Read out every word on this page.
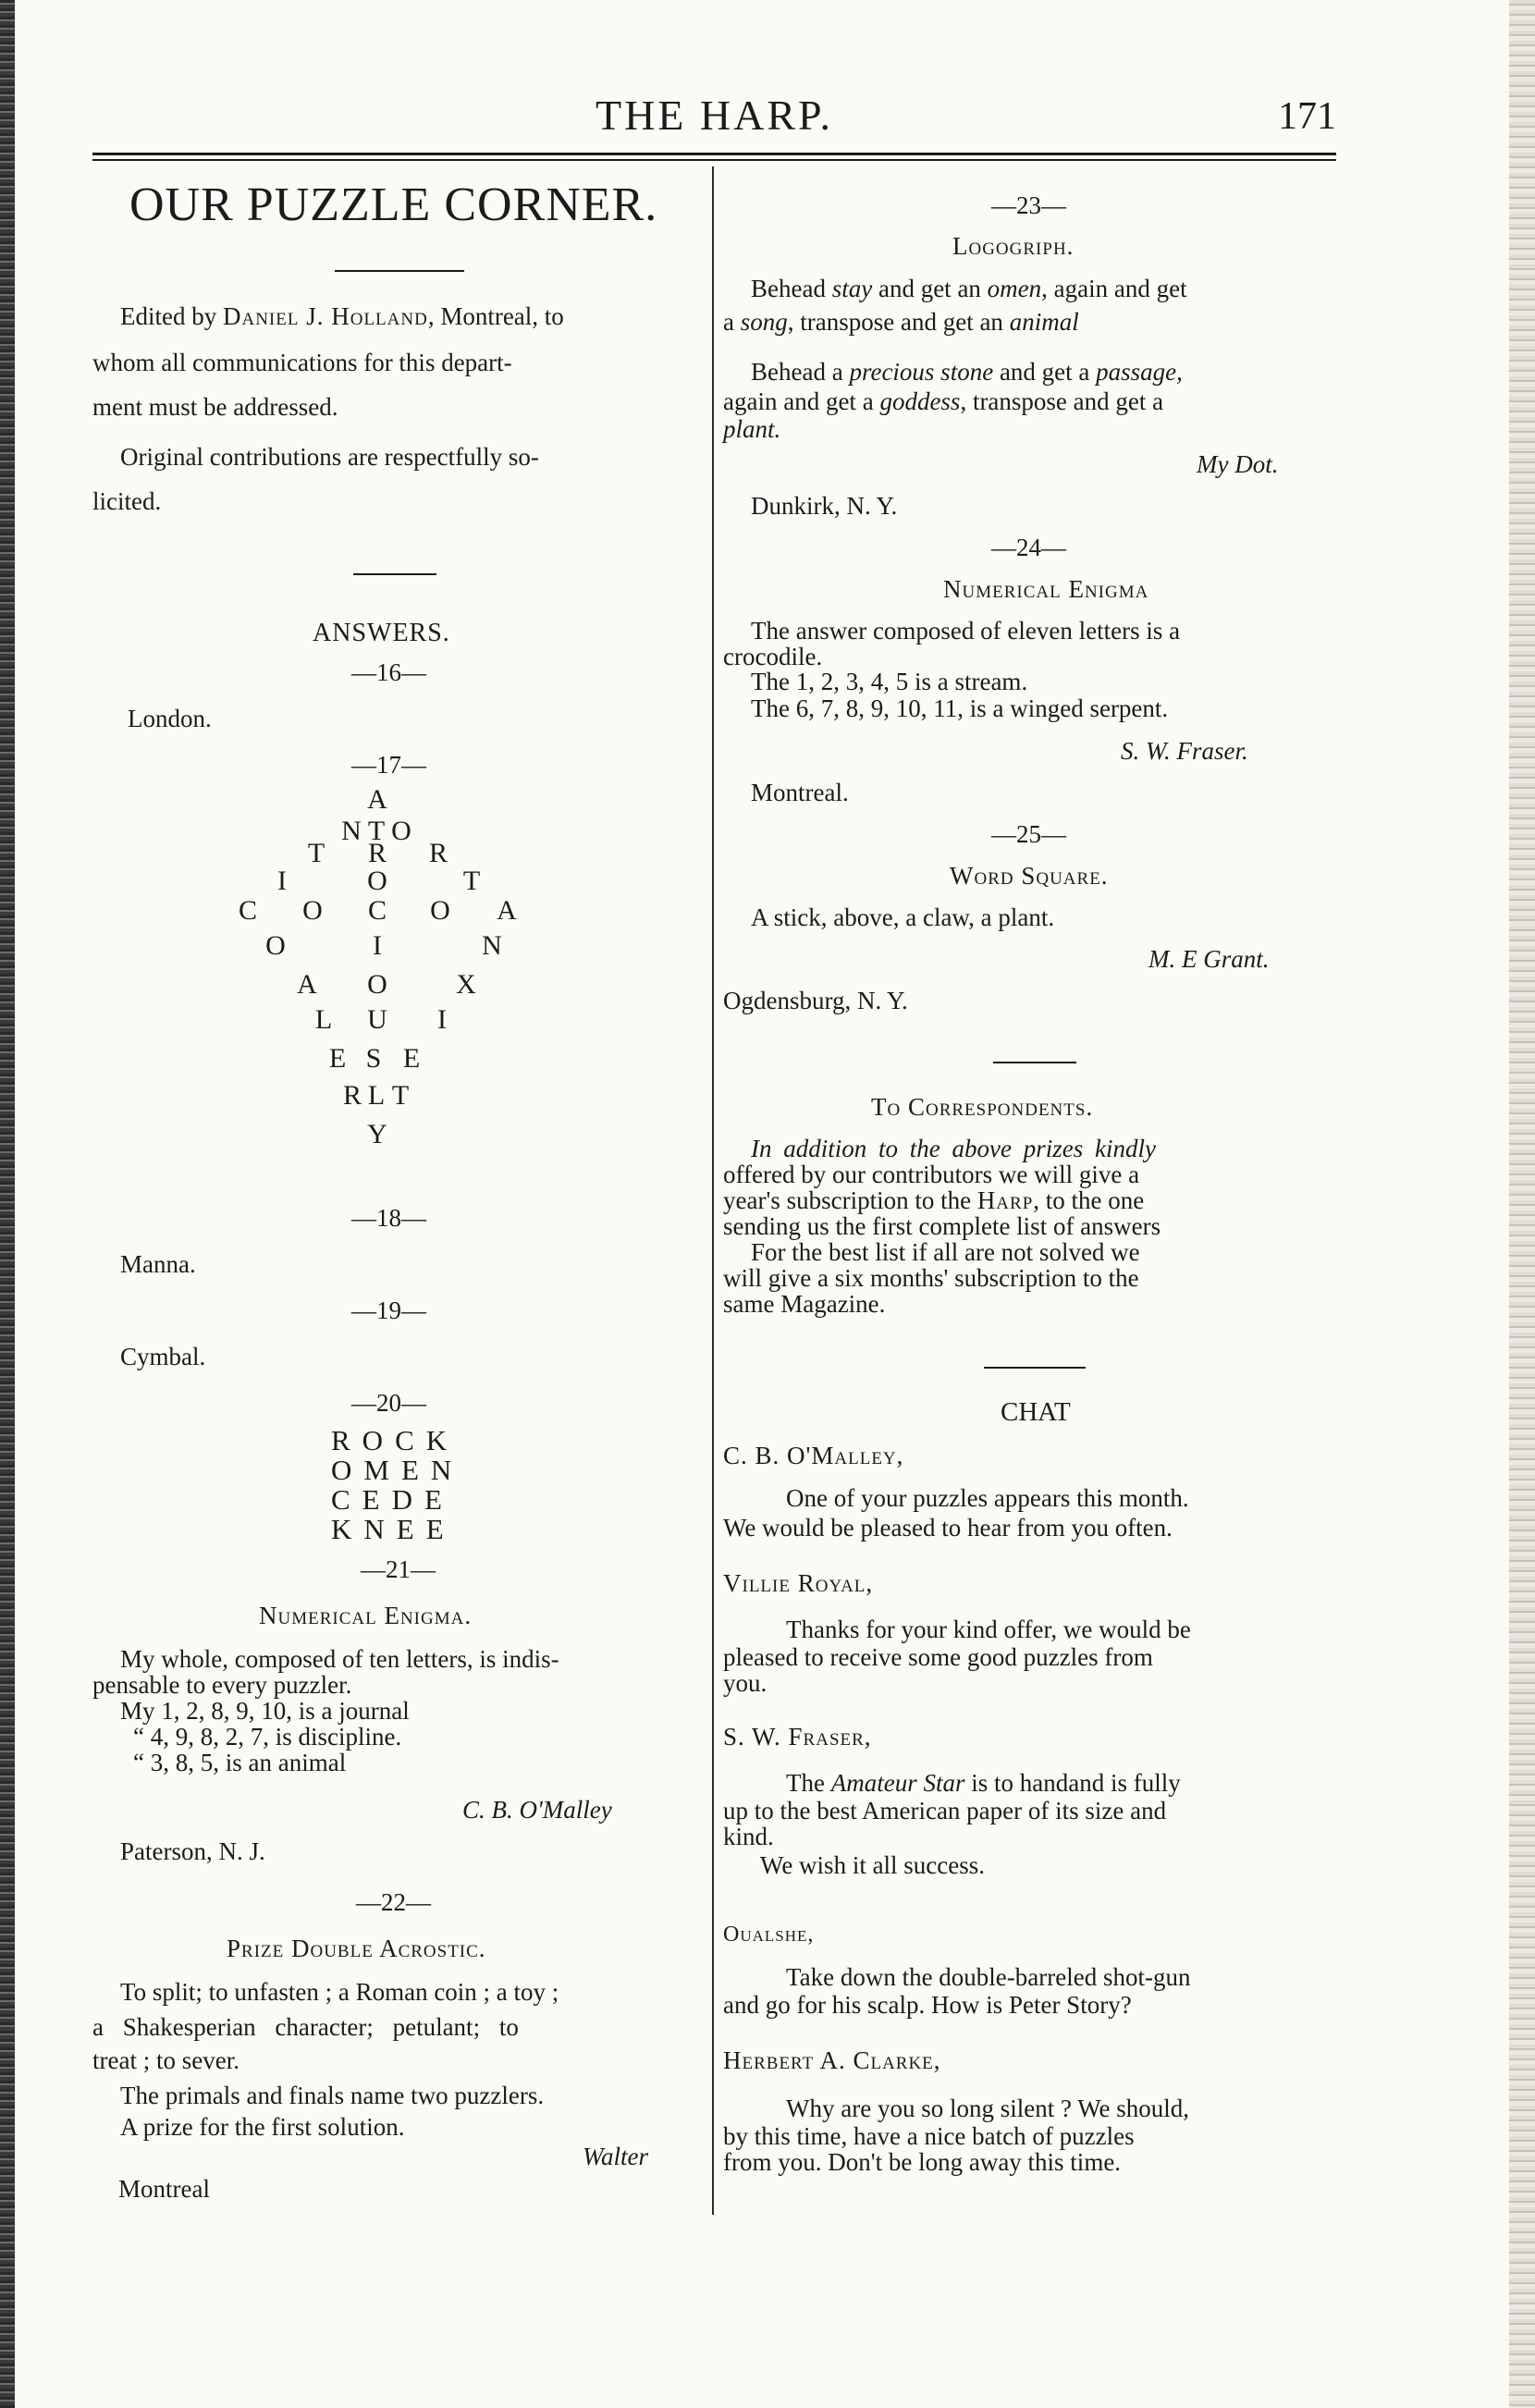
THE HARP.	171
OUR PUZZLE CORNER.
Edited by Daniel J. Holland, Montreal, to
whom all communications for this depart-
ment must be addressed.
Original contributions are respectfully so-
licited.
ANSWERS.
—16—
London.
—17—
A
N T O
T R R
I	O	T
C O C O A
O	I	N
A O X
L U	I
E S E
R L T
Y
—18—
Manna.
—19—
Cymbal.
—20—
ROCK
OMEN
CEDE
KNEE
—21—
Numerical Enigma.
My whole, composed of ten letters, is indis-
pensable to every puzzler.
My 1, 2, 8, 9, 10, is a journal
“ 4, 9, 8, 2, 7, is discipline.
“ 3, 8, 5, is an animal
C. B. O'Malley
Paterson, N. J.
—22—
Prize Double Acrostic.
To split; to unfasten ; a Roman coin ; a toy ;
a Shakesperian character; petulant; to
treat ; to sever.
The primals and finals name two puzzlers.
A prize for the first solution.
Walter
Montreal
—23—
Logogriph.
Behead stay and get an omen, again and get
a song, transpose and get an animal
Behead a precious stone and get a passage,
again and get a goddess, transpose and get a
plant.
My Dot.
Dunkirk, N. Y.
—24—
Numerical Enigma
The answer composed of eleven letters is a
crocodile.
The 1, 2, 3, 4, 5 is a stream.
The 6, 7, 8, 9, 10, 11, is a winged serpent.
S. W. Fraser.
Montreal.
—25—
Word Square.
A stick, above, a claw, a plant.
M. E Grant.
Ogdensburg, N. Y.
To Correspondents.
In addition to the above prizes kindly
offered by our contributors we will give a
year's subscription to the Harp, to the one
sending us the first complete list of answers
For the best list if all are not solved we
will give a six months' subscription to the
same Magazine.
CHAT
C. B. O'Malley,
One of your puzzles appears this month.
We would be pleased to hear from you often.
Villie Royal,
Thanks for your kind offer, we would be
pleased to receive some good puzzles from
you.
S. W. Fraser,
The Amateur Star is to handand is fully
up to the best American paper of its size and
kind.
We wish it all success.
Oualshe,
Take down the double-barreled shot-gun
and go for his scalp. How is Peter Story?
Herbert A. Clarke,
Why are you so long silent ? We should,
by this time, have a nice batch of puzzles
from you. Don't be long away this time.
